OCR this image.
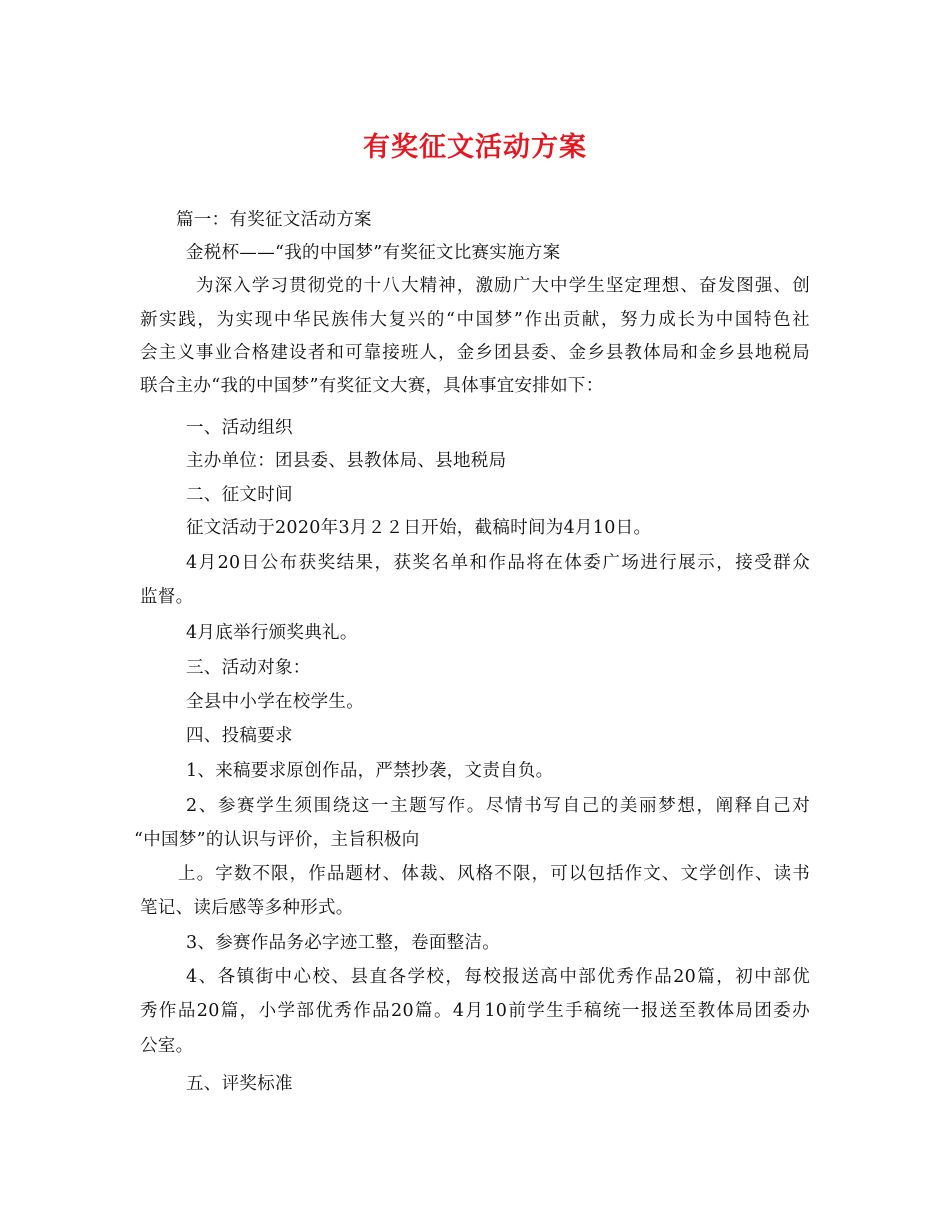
有奖征文活动方案
篇一：有奖征文活动方案
金税杯——“我的中国梦”有奖征文比赛实施方案
为深入学习贯彻党的十八大精神，激励广大中学生坚定理想、奋发图强、创
新实践，为实现中华民族伟大复兴的“中国梦”作出贡献，努力成长为中国特色社
会主义事业合格建设者和可靠接班人，金乡团县委、金乡县教体局和金乡县地税局
联合主办“我的中国梦”有奖征文大赛，具体事宜安排如下：
一、活动组织
主办单位：团县委、县教体局、县地税局
二、征文时间
征文活动于2020年3月２２日开始，截稿时间为4月10日。
4月20日公布获奖结果，获奖名单和作品将在体委广场进行展示，接受群众
监督。
4月底举行颁奖典礼。
三、活动对象：
全县中小学在校学生。
四、投稿要求
1、来稿要求原创作品，严禁抄袭，文责自负。
2、参赛学生须围绕这一主题写作。尽情书写自己的美丽梦想，阐释自己对
“中国梦”的认识与评价，主旨积极向
上。字数不限，作品题材、体裁、风格不限，可以包括作文、文学创作、读书
笔记、读后感等多种形式。
3、参赛作品务必字迹工整，卷面整洁。
4、各镇街中心校、县直各学校，每校报送高中部优秀作品20篇，初中部优
秀作品20篇，小学部优秀作品20篇。4月10前学生手稿统一报送至教体局团委办
公室。
五、评奖标准
